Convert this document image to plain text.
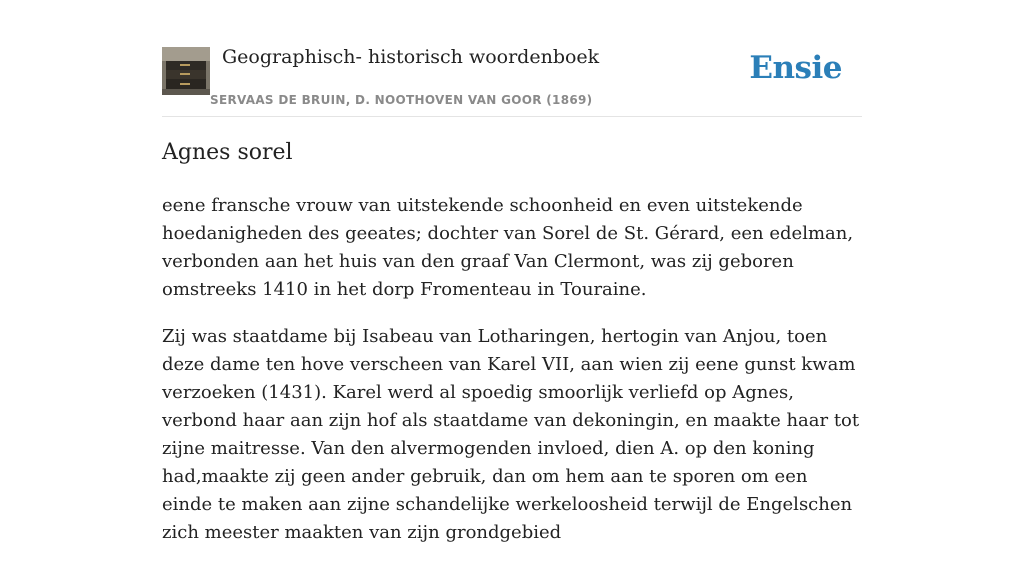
Geographisch- historisch woordenboek
SERVAAS DE BRUIN, D. NOOTHOVEN VAN GOOR (1869)
Ensie
Agnes sorel

eene fransche vrouw van uitstekende schoonheid en even uitstekende hoedanigheden des geeates; dochter van Sorel de St. Gérard, een edelman, verbonden aan het huis van den graaf Van Clermont, was zij geboren omstreeks 1410 in het dorp Fromenteau in Touraine.

Zij was staatdame bij Isabeau van Lotharingen, hertogin van Anjou, toen deze dame ten hove verscheen van Karel VII, aan wien zij eene gunst kwam verzoeken (1431). Karel werd al spoedig smoorlijk verliefd op Agnes, verbond haar aan zijn hof als staatdame van dekoningin, en maakte haar tot zijne maitresse. Van den alvermogenden invloed, dien A. op den koning had,maakte zij geen ander gebruik, dan om hem aan te sporen om een einde te maken aan zijne schandelijke werkeloosheid terwijl de Engelschen zich meester maakten van zijn grondgebied
